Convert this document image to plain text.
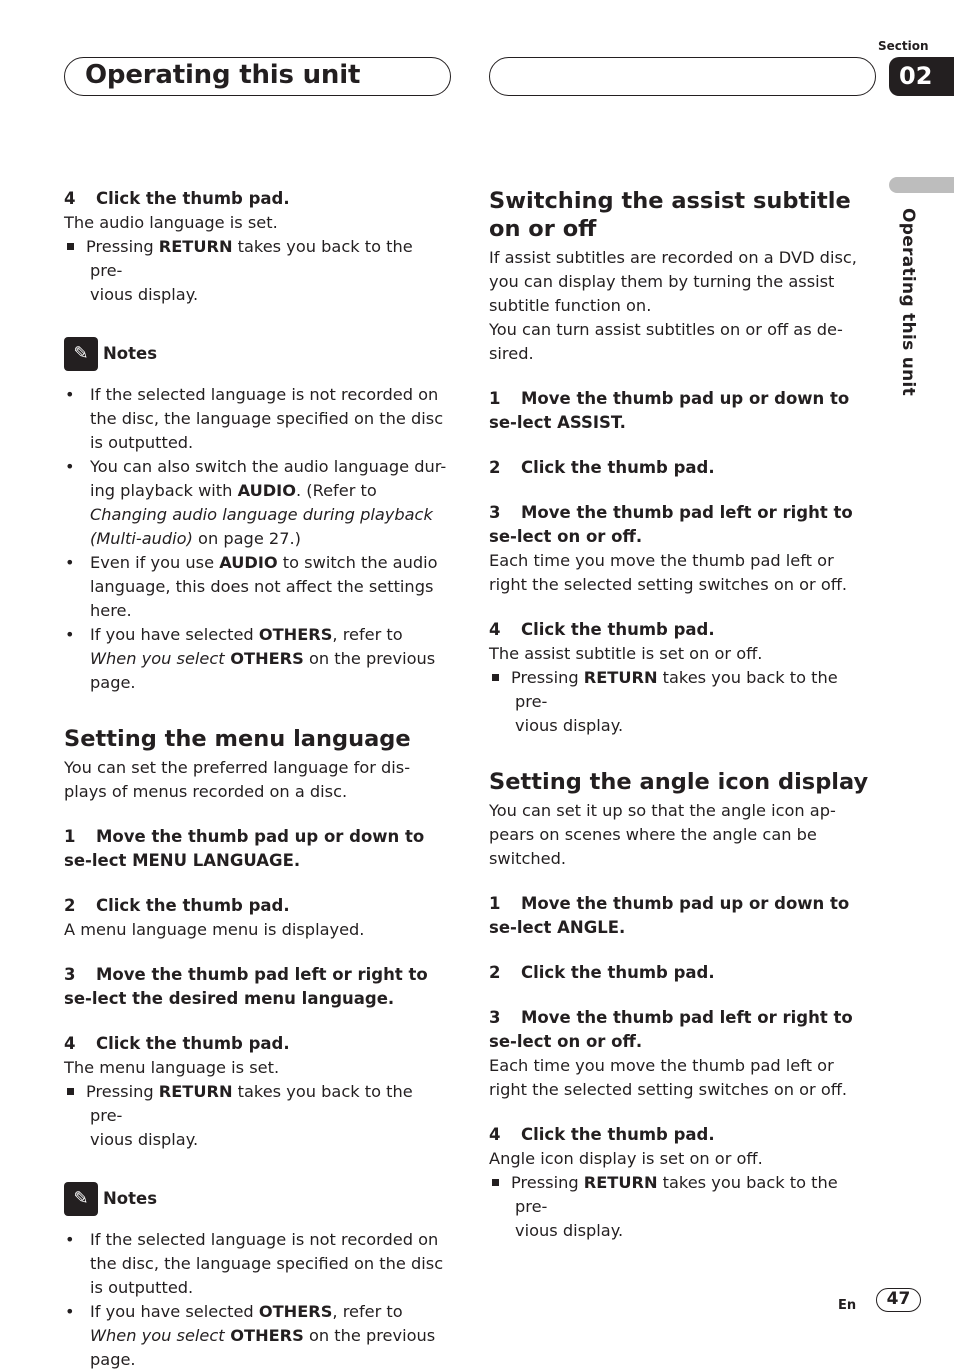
Operating this unit
Section
02
Operating this unit

4 Click the thumb pad.

The audio language is set.

Pressing RETURN takes you back to the pre-
vious display.

✎ Notes

• If the selected language is not recorded on the disc, the language specified on the disc is outputted.

• You can also switch the audio language dur-ing playback with AUDIO. (Refer to Changing audio language during playback (Multi-audio) on page 27.)

• Even if you use AUDIO to switch the audio language, this does not affect the settings here.

• If you have selected OTHERS, refer to When you select OTHERS on the previous page.

Setting the menu language

You can set the preferred language for dis-plays of menus recorded on a disc.

1 Move the thumb pad up or down to se-lect MENU LANGUAGE.

2 Click the thumb pad.

A menu language menu is displayed.

3 Move the thumb pad left or right to se-lect the desired menu language.

4 Click the thumb pad.

The menu language is set.

Pressing RETURN takes you back to the pre-
vious display.

✎ Notes

• If the selected language is not recorded on the disc, the language specified on the disc is outputted.

• If you have selected OTHERS, refer to When you select OTHERS on the previous page.

Switching the assist subtitle on or off

If assist subtitles are recorded on a DVD disc, you can display them by turning the assist subtitle function on.

You can turn assist subtitles on or off as de-sired.

1 Move the thumb pad up or down to se-lect ASSIST.

2 Click the thumb pad.

3 Move the thumb pad left or right to se-lect on or off.

Each time you move the thumb pad left or right the selected setting switches on or off.

4 Click the thumb pad.

The assist subtitle is set on or off.

Pressing RETURN takes you back to the pre-
vious display.

Setting the angle icon display

You can set it up so that the angle icon ap-pears on scenes where the angle can be switched.

1 Move the thumb pad up or down to se-lect ANGLE.

2 Click the thumb pad.

3 Move the thumb pad left or right to se-lect on or off.

Each time you move the thumb pad left or right the selected setting switches on or off.

4 Click the thumb pad.

Angle icon display is set on or off.

Pressing RETURN takes you back to the pre-
vious display.

En	47
